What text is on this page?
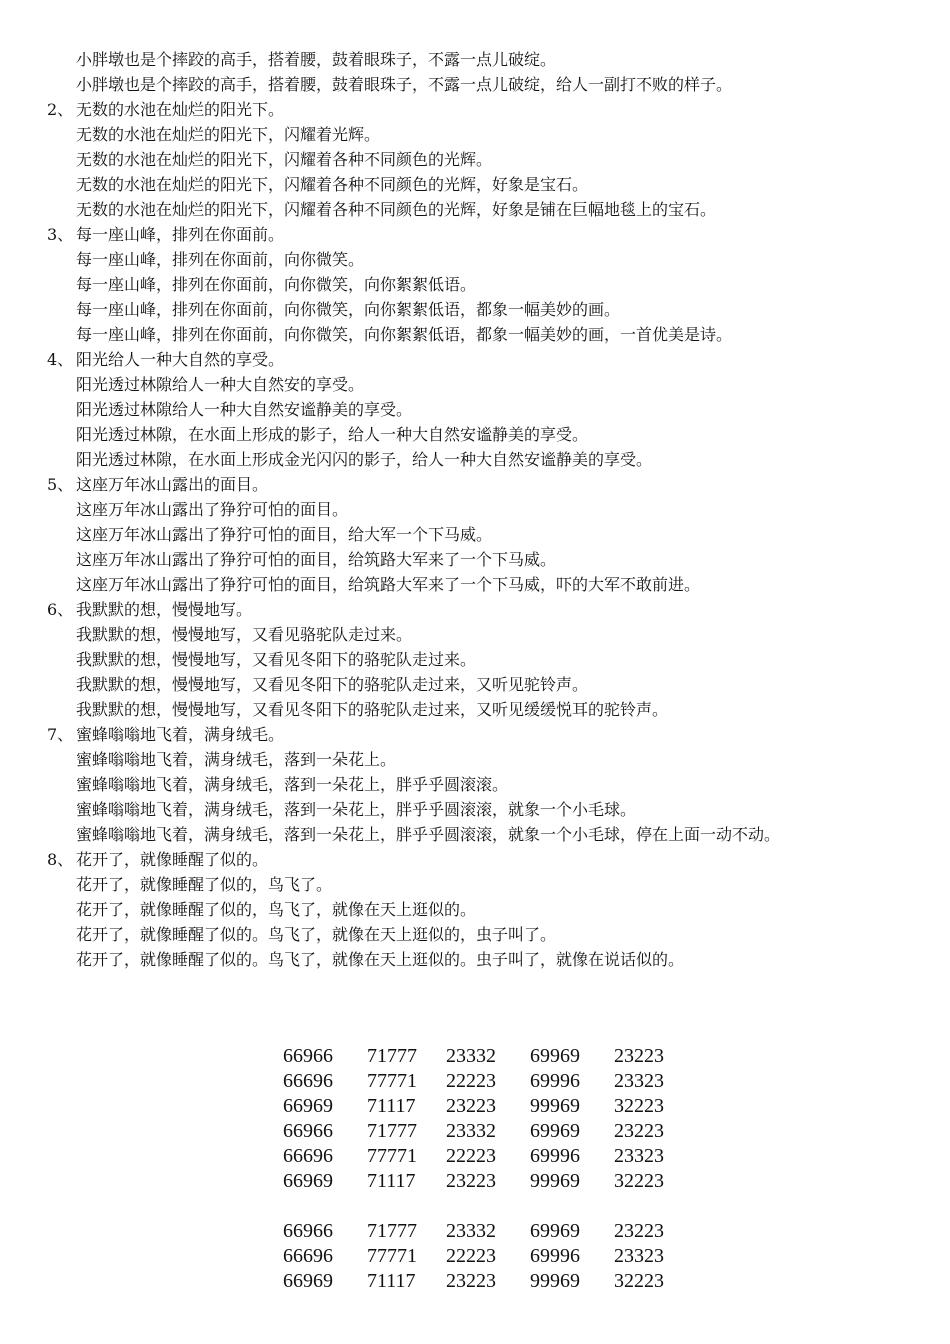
小胖墩也是个摔跤的高手，搭着腰，鼓着眼珠子，不露一点儿破绽。
小胖墩也是个摔跤的高手，搭着腰，鼓着眼珠子，不露一点儿破绽，给人一副打不败的样子。
2、 无数的水池在灿烂的阳光下。
无数的水池在灿烂的阳光下，闪耀着光辉。
无数的水池在灿烂的阳光下，闪耀着各种不同颜色的光辉。
无数的水池在灿烂的阳光下，闪耀着各种不同颜色的光辉，好象是宝石。
无数的水池在灿烂的阳光下，闪耀着各种不同颜色的光辉，好象是铺在巨幅地毯上的宝石。
3、 每一座山峰，排列在你面前。
每一座山峰，排列在你面前，向你微笑。
每一座山峰，排列在你面前，向你微笑，向你絮絮低语。
每一座山峰，排列在你面前，向你微笑，向你絮絮低语，都象一幅美妙的画。
每一座山峰，排列在你面前，向你微笑，向你絮絮低语，都象一幅美妙的画，一首优美是诗。
4、 阳光给人一种大自然的享受。
阳光透过林隙给人一种大自然安的享受。
阳光透过林隙给人一种大自然安谧静美的享受。
阳光透过林隙，在水面上形成的影子，给人一种大自然安谧静美的享受。
阳光透过林隙，在水面上形成金光闪闪的影子，给人一种大自然安谧静美的享受。
5、 这座万年冰山露出的面目。
这座万年冰山露出了狰狞可怕的面目。
这座万年冰山露出了狰狞可怕的面目，给大军一个下马威。
这座万年冰山露出了狰狞可怕的面目，给筑路大军来了一个下马威。
这座万年冰山露出了狰狞可怕的面目，给筑路大军来了一个下马威，吓的大军不敢前进。
6、 我默默的想，慢慢地写。
我默默的想，慢慢地写，又看见骆驼队走过来。
我默默的想，慢慢地写，又看见冬阳下的骆驼队走过来。
我默默的想，慢慢地写，又看见冬阳下的骆驼队走过来，又听见驼铃声。
我默默的想，慢慢地写，又看见冬阳下的骆驼队走过来，又听见缓缓悦耳的驼铃声。
7、 蜜蜂嗡嗡地飞着，满身绒毛。
蜜蜂嗡嗡地飞着，满身绒毛，落到一朵花上。
蜜蜂嗡嗡地飞着，满身绒毛，落到一朵花上，胖乎乎圆滚滚。
蜜蜂嗡嗡地飞着，满身绒毛，落到一朵花上，胖乎乎圆滚滚，就象一个小毛球。
蜜蜂嗡嗡地飞着，满身绒毛，落到一朵花上，胖乎乎圆滚滚，就象一个小毛球，停在上面一动不动。
8、 花开了，就像睡醒了似的。
花开了，就像睡醒了似的，鸟飞了。
花开了，就像睡醒了似的，鸟飞了，就像在天上逛似的。
花开了，就像睡醒了似的。鸟飞了，就像在天上逛似的，虫子叫了。
花开了，就像睡醒了似的。鸟飞了，就像在天上逛似的。虫子叫了，就像在说话似的。
66966 71777 23332 69969 23223
66696 77771 22223 69996 23323
66969 71117 23223 99969 32223
66966 71777 23332 69969 23223
66696 77771 22223 69996 23323
66969 71117 23223 99969 32223
66966 71777 23332 69969 23223
66696 77771 22223 69996 23323
66969 71117 23223 99969 32223
